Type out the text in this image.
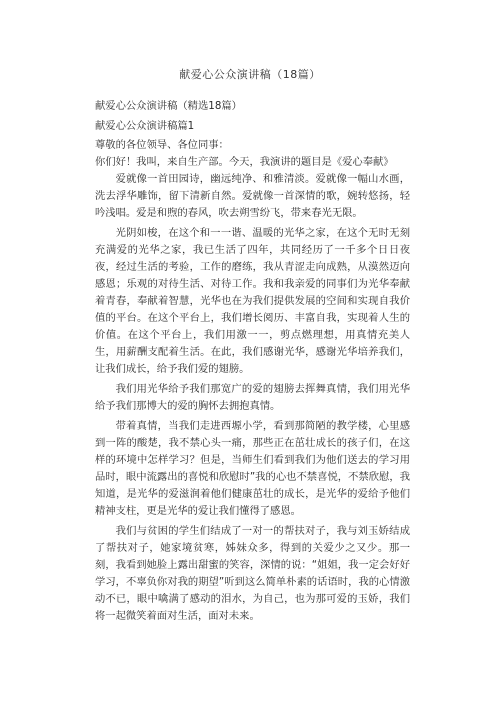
献爱心公众演讲稿（18篇）

献爱心公众演讲稿（精选18篇）

献爱心公众演讲稿篇1

尊敬的各位领导、各位同事：

你们好！我叫，来自生产部。今天，我演讲的题目是《爱心奉献》

爱就像一首田园诗，幽远纯净、和雅清淡。爱就像一幅山水画，洗去浮华雕饰，留下清新自然。爱就像一首深情的歌，婉转悠扬，轻吟浅唱。爱是和煦的春风，吹去朔雪纷飞，带来春光无限。

光阴如梭，在这个和一一谐、温暖的光华之家，在这个无时无刻充满爱的光华之家，我已生活了四年，共同经历了一千多个日日夜夜，经过生活的考验，工作的磨练，我从青涩走向成熟，从漠然迈向感恩；乐观的对待生活、对待工作。我和我亲爱的同事们为光华奉献着青春，奉献着智慧，光华也在为我们提供发展的空间和实现自我价值的平台。在这个平台上，我们增长阅历、丰富自我，实现着人生的价值。在这个平台上，我们用激一一，剪点燃理想，用真情充美人生，用薪酬支配着生活。在此，我们感谢光华，感谢光华培养我们，让我们成长，给予我们爱的翅膀。

我们用光华给予我们那宽广的爱的翅膀去挥舞真情，我们用光华给予我们那博大的爱的胸怀去拥抱真情。

带着真情，当我们走进西塬小学，看到那简陋的教学楼，心里感到一阵的酸楚，我不禁心头一痛，那些正在茁壮成长的孩子们，在这样的环境中怎样学习？但是，当师生们看到我们为他们送去的学习用品时，眼中流露出的喜悦和欣慰时”我的心也不禁喜悦，不禁欣慰，我知道，是光华的爱滋润着他们健康茁壮的成长，是光华的爱给予他们精神支柱，更是光华的爱让我们懂得了感恩。

我们与贫困的学生们结成了一对一的帮扶对子，我与刘玉娇结成了帮扶对子，她家境贫寒，姊妹众多，得到的关爱少之又少。那一刻，我看到她脸上露出甜蜜的笑容，深情的说：“姐姐，我一定会好好学习，不辜负你对我的期望”听到这么简单朴素的话语时，我的心情激动不已，眼中噙满了感动的泪水，为自己，也为那可爱的玉娇，我们将一起微笑着面对生活，面对未来。
